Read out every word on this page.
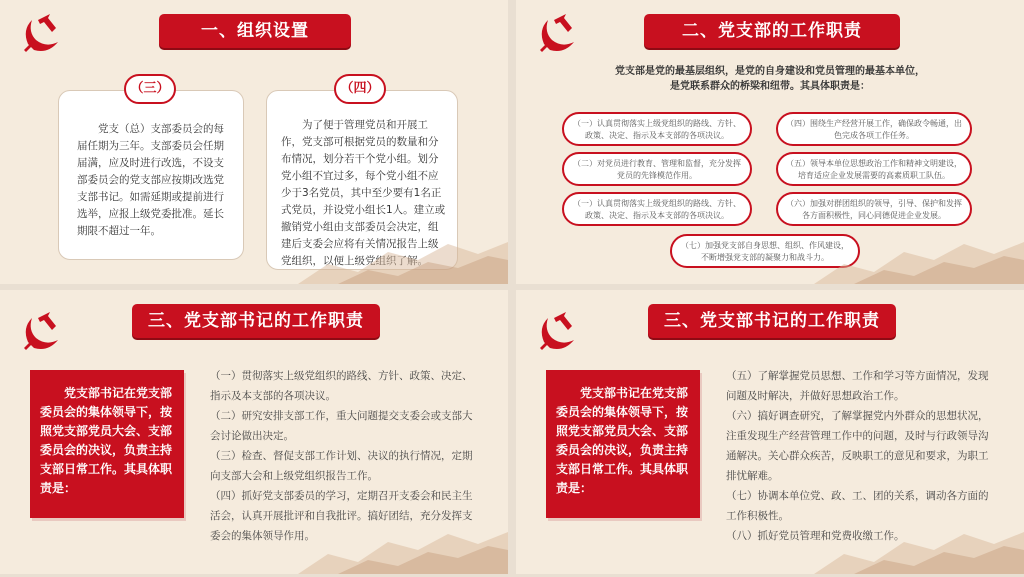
一、组织设置
党支（总）支部委员会的每届任期为三年。支部委员会任期届满，应及时进行改选，不设支部委员会的党支部应按期改选党支部书记。如需延期或提前进行选举，应报上级党委批准。延长期限不超过一年。
（三）
为了便于管理党员和开展工作，党支部可根据党员的数量和分布情况，划分若干个党小组。划分党小组不宜过多，每个党小组不应少于3名党员，其中至少要有1名正式党员，并设党小组长1人。建立或撤销党小组由支部委员会决定，组建后支委会应将有关情况报告上级党组织，以便上级党组织了解。
（四）
二、党支部的工作职责
党支部是党的最基层组织，是党的自身建设和党员管理的最基本单位，
是党联系群众的桥梁和纽带。其具体职责是：
（一）认真贯彻落实上级党组织的路线、方针、政策、决定、指示及本支部的各项决议。
（四）围绕生产经营开展工作，确保政令畅通，出色完成各项工作任务。
（二）对党员进行教育、管理和监督，充分发挥党员的先锋模范作用。
（五）领导本单位思想政治工作和精神文明建设，培育适应企业发展需要的高素质职工队伍。
（一）认真贯彻落实上级党组织的路线、方针、政策、决定、指示及本支部的各项决议。
（六）加强对群团组织的领导，引导、保护和发挥各方面积极性，同心同德促进企业发展。
（七）加强党支部自身思想、组织、作风建设，不断增强党支部的凝聚力和战斗力。
三、党支部书记的工作职责
党支部书记在党支部委员会的集体领导下，按照党支部党员大会、支部委员会的决议，负责主持支部日常工作。其具体职责是：

（一）贯彻落实上级党组织的路线、方针、政策、决定、指示及本支部的各项决议。

（二）研究安排支部工作，重大问题提交支委会或支部大会讨论做出决定。

（三）检查、督促支部工作计划、决议的执行情况，定期向支部大会和上级党组织报告工作。

（四）抓好党支部委员的学习，定期召开支委会和民主生活会，认真开展批评和自我批评。搞好团结，充分发挥支委会的集体领导作用。

三、党支部书记的工作职责
党支部书记在党支部委员会的集体领导下，按照党支部党员大会、支部委员会的决议，负责主持支部日常工作。其具体职责是：

（五）了解掌握党员思想、工作和学习等方面情况，发现问题及时解决，并做好思想政治工作。

（六）搞好调查研究，了解掌握党内外群众的思想状况，注重发现生产经营管理工作中的问题，及时与行政领导沟通解决。关心群众疾苦，反映职工的意见和要求，为职工排忧解难。

（七）协调本单位党、政、工、团的关系，调动各方面的工作积极性。

（八）抓好党员管理和党费收缴工作。
